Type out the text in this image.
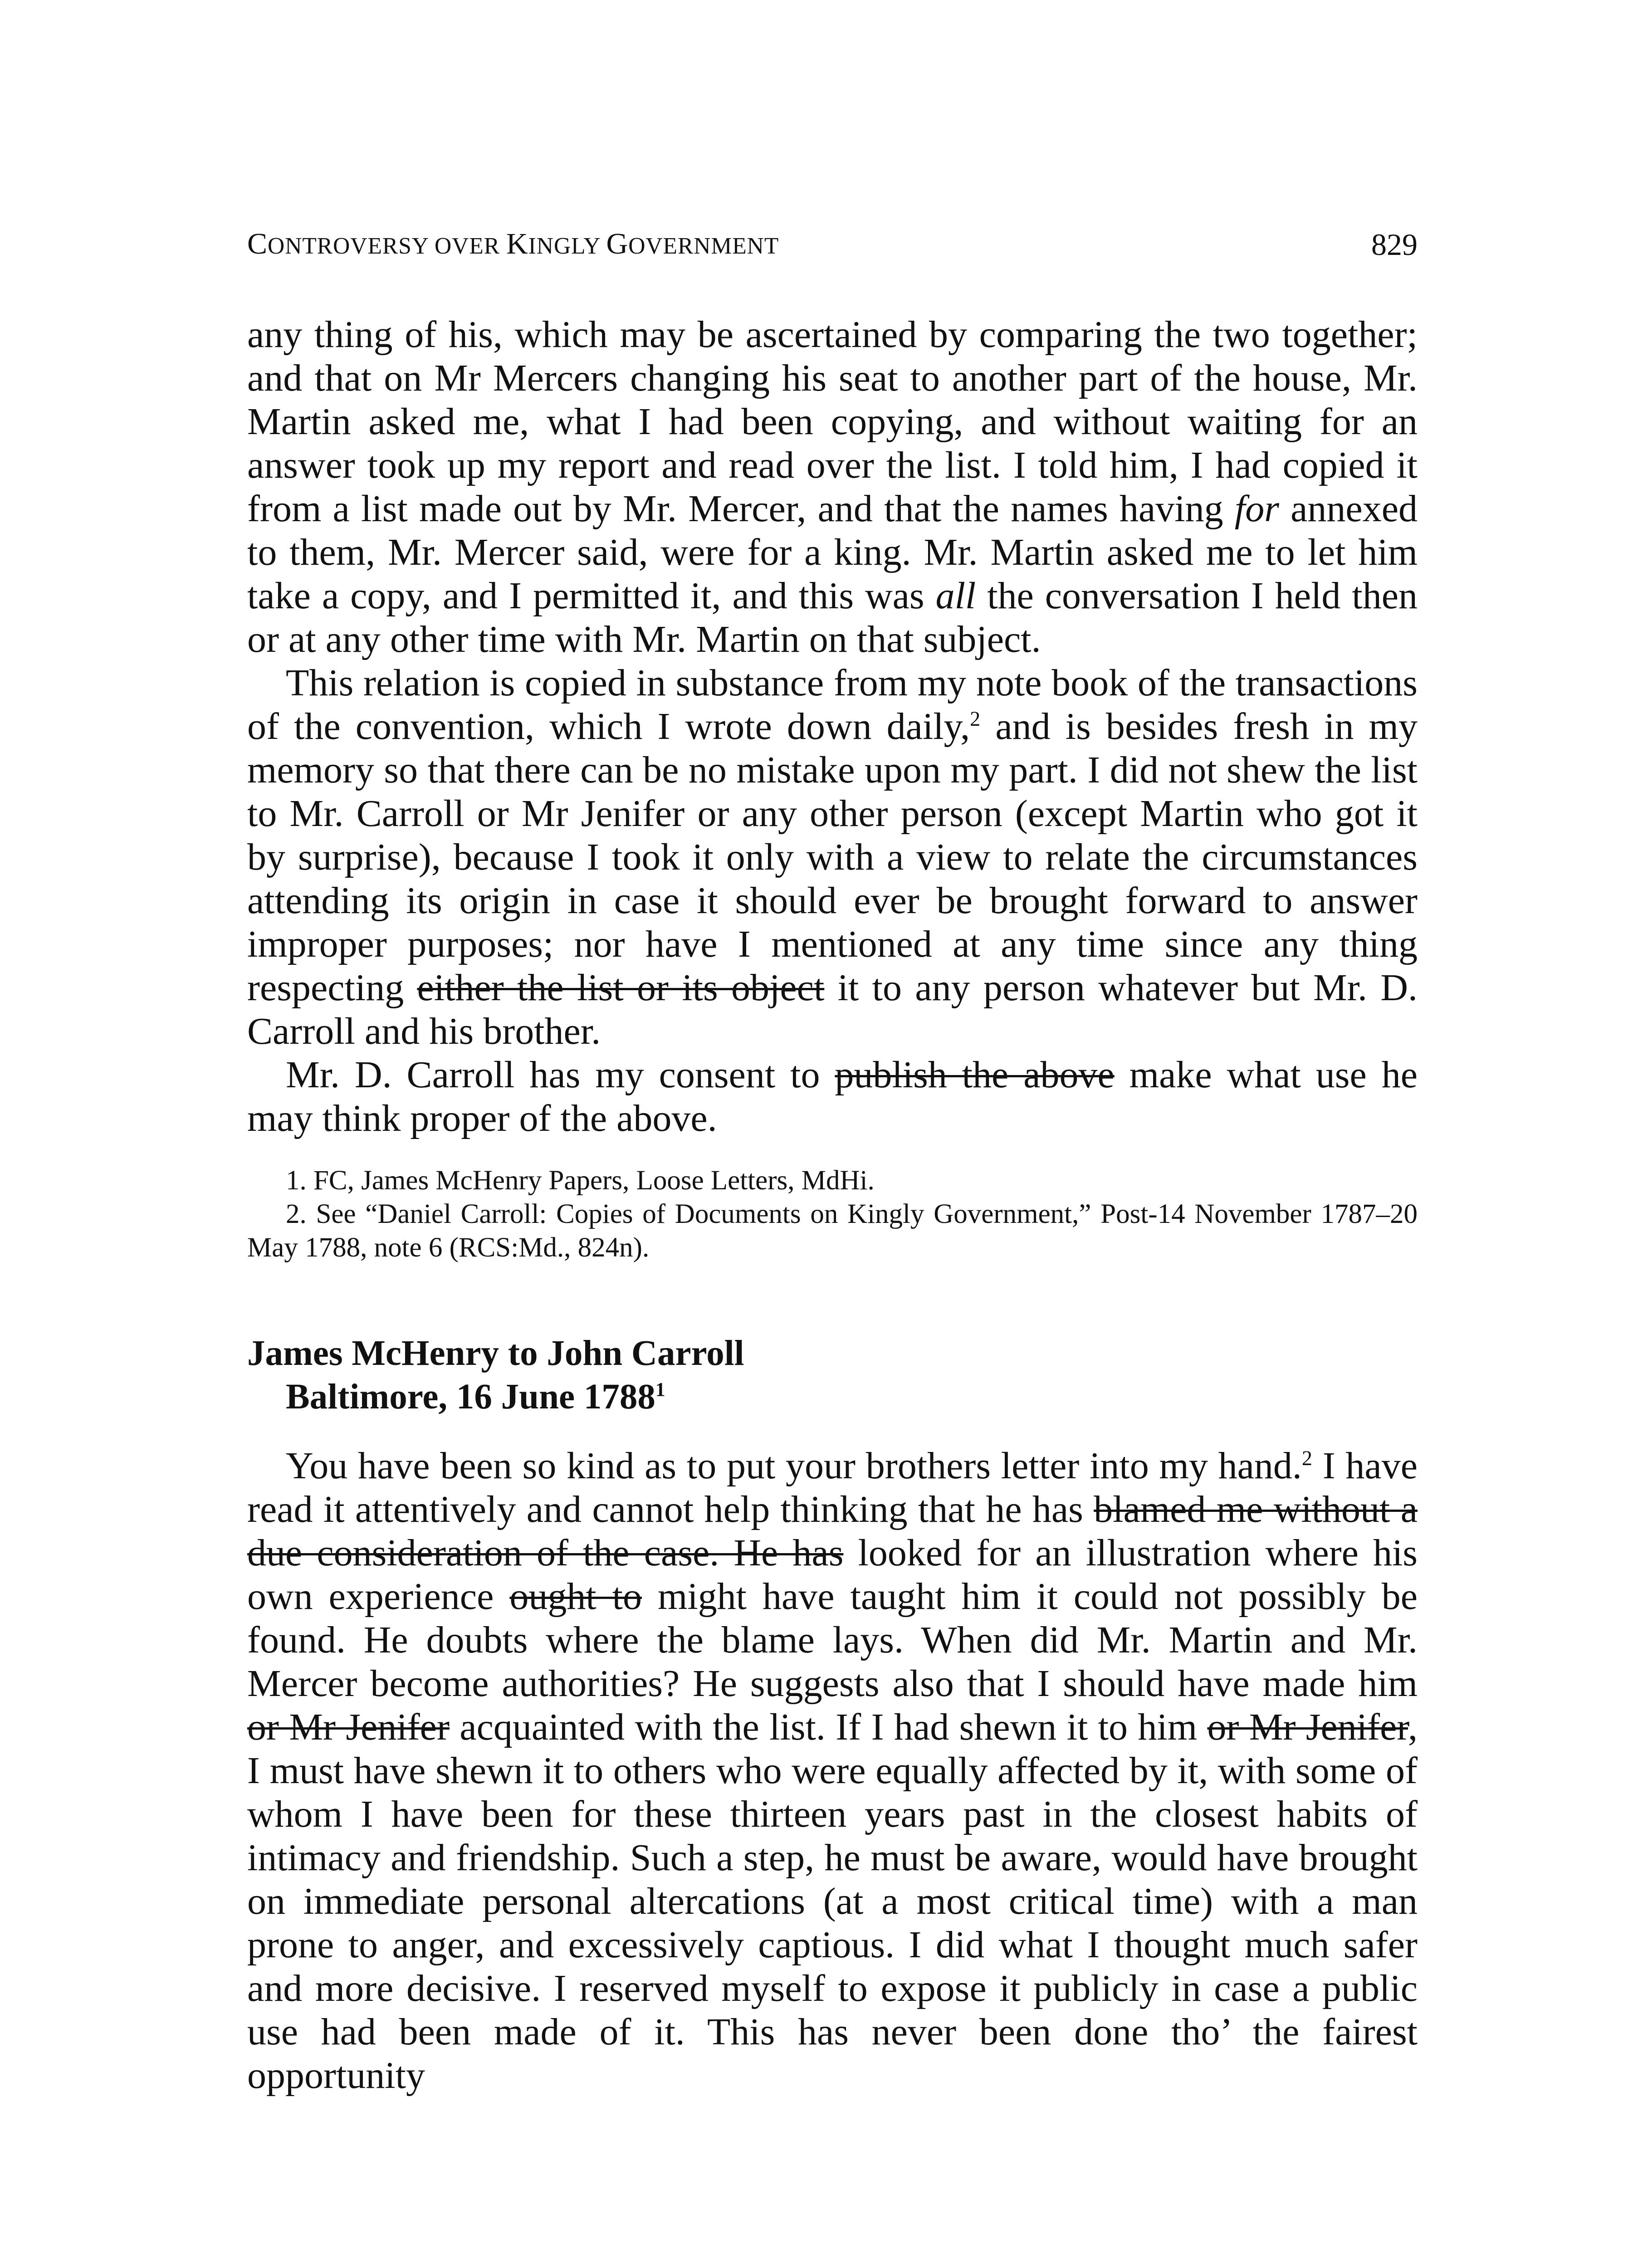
CONTROVERSY OVER KINGLY GOVERNMENT	829

any thing of his, which may be ascertained by comparing the two together; and that on Mr Mercers changing his seat to another part of the house, Mr. Martin asked me, what I had been copying, and without waiting for an answer took up my report and read over the list. I told him, I had copied it from a list made out by Mr. Mercer, and that the names having for annexed to them, Mr. Mercer said, were for a king. Mr. Martin asked me to let him take a copy, and I permitted it, and this was all the conversation I held then or at any other time with Mr. Martin on that subject.

This relation is copied in substance from my note book of the transactions of the convention, which I wrote down daily,$^2$ and is besides fresh in my memory so that there can be no mistake upon my part. I did not shew the list to Mr. Carroll or Mr Jenifer or any other person (except Martin who got it by surprise), because I took it only with a view to relate the circumstances attending its origin in case it should ever be brought forward to answer improper purposes; nor have I mentioned at any time since any thing respecting either the list or its object it to any person whatever but Mr. D. Carroll and his brother.

Mr. D. Carroll has my consent to publish the above make what use he may think proper of the above.

1. FC, James McHenry Papers, Loose Letters, MdHi.

2. See “Daniel Carroll: Copies of Documents on Kingly Government,” Post-14 November 1787–20 May 1788, note 6 (RCS:Md., 824n).

James McHenry to John Carroll
Baltimore, 16 June 1788$^1$

You have been so kind as to put your brothers letter into my hand.$^2$ I have read it attentively and cannot help thinking that he has blamed me without a due consideration of the case. He has looked for an illustration where his own experience ought to might have taught him it could not possibly be found. He doubts where the blame lays. When did Mr. Martin and Mr. Mercer become authorities? He suggests also that I should have made him or Mr Jenifer acquainted with the list. If I had shewn it to him or Mr Jenifer, I must have shewn it to others who were equally affected by it, with some of whom I have been for these thirteen years past in the closest habits of intimacy and friendship. Such a step, he must be aware, would have brought on immediate personal altercations (at a most critical time) with a man prone to anger, and excessively captious. I did what I thought much safer and more decisive. I reserved myself to expose it publicly in case a public use had been made of it. This has never been done tho’ the fairest opportunity
